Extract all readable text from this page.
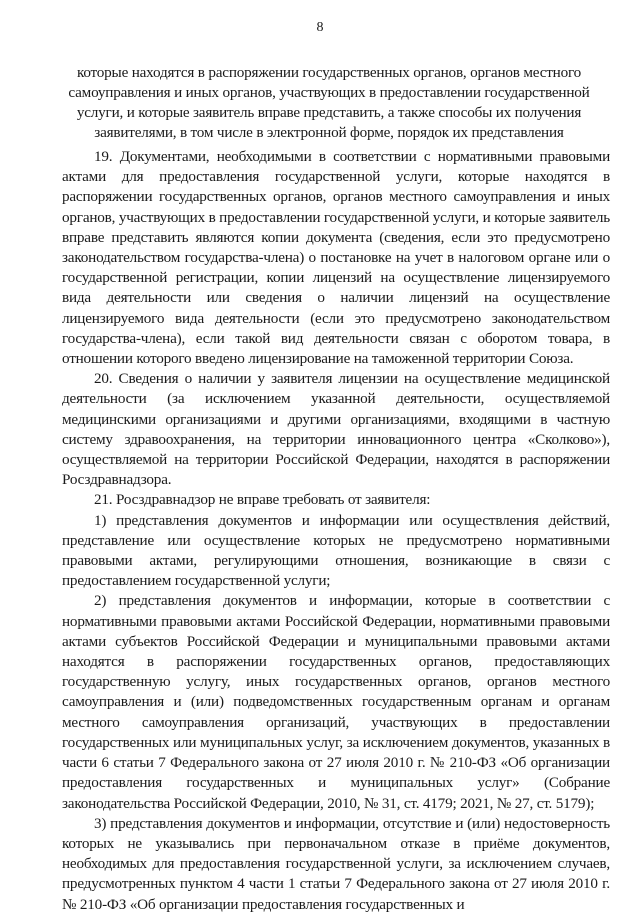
8
которые находятся в распоряжении государственных органов, органов местного
самоуправления и иных органов, участвующих в предоставлении государственной
услуги, и которые заявитель вправе представить, а также способы их получения
заявителями, в том числе в электронной форме, порядок их представления

19. Документами, необходимыми в соответствии с нормативными правовыми актами для предоставления государственной услуги, которые находятся в распоряжении государственных органов, органов местного самоуправления и иных органов, участвующих в предоставлении государственной услуги, и которые заявитель вправе представить являются копии документа (сведения, если это предусмотрено законодательством государства-члена) о постановке на учет в налоговом органе или о государственной регистрации, копии лицензий на осуществление лицензируемого вида деятельности или сведения о наличии лицензий на осуществление лицензируемого вида деятельности (если это предусмотрено законодательством государства-члена), если такой вид деятельности связан с оборотом товара, в отношении которого введено лицензирование на таможенной территории Союза.

20. Сведения о наличии у заявителя лицензии на осуществление медицинской деятельности (за исключением указанной деятельности, осуществляемой медицинскими организациями и другими организациями, входящими в частную систему здравоохранения, на территории инновационного центра «Сколково»), осуществляемой на территории Российской Федерации, находятся в распоряжении Росздравнадзора.

21. Росздравнадзор не вправе требовать от заявителя:

1) представления документов и информации или осуществления действий, представление или осуществление которых не предусмотрено нормативными правовыми актами, регулирующими отношения, возникающие в связи с предоставлением государственной услуги;

2) представления документов и информации, которые в соответствии с нормативными правовыми актами Российской Федерации, нормативными правовыми актами субъектов Российской Федерации и муниципальными правовыми актами находятся в распоряжении государственных органов, предоставляющих государственную услугу, иных государственных органов, органов местного самоуправления и (или) подведомственных государственным органам и органам местного самоуправления организаций, участвующих в предоставлении государственных или муниципальных услуг, за исключением документов, указанных в части 6 статьи 7 Федерального закона от 27 июля 2010 г. № 210-ФЗ «Об организации предоставления государственных и муниципальных услуг» (Собрание законодательства Российской Федерации, 2010, № 31, ст. 4179; 2021, № 27, ст. 5179);

3) представления документов и информации, отсутствие и (или) недостоверность которых не указывались при первоначальном отказе в приёме документов, необходимых для предоставления государственной услуги, за исключением случаев, предусмотренных пунктом 4 части 1 статьи 7 Федерального закона от 27 июля 2010 г. № 210-ФЗ «Об организации предоставления государственных и
